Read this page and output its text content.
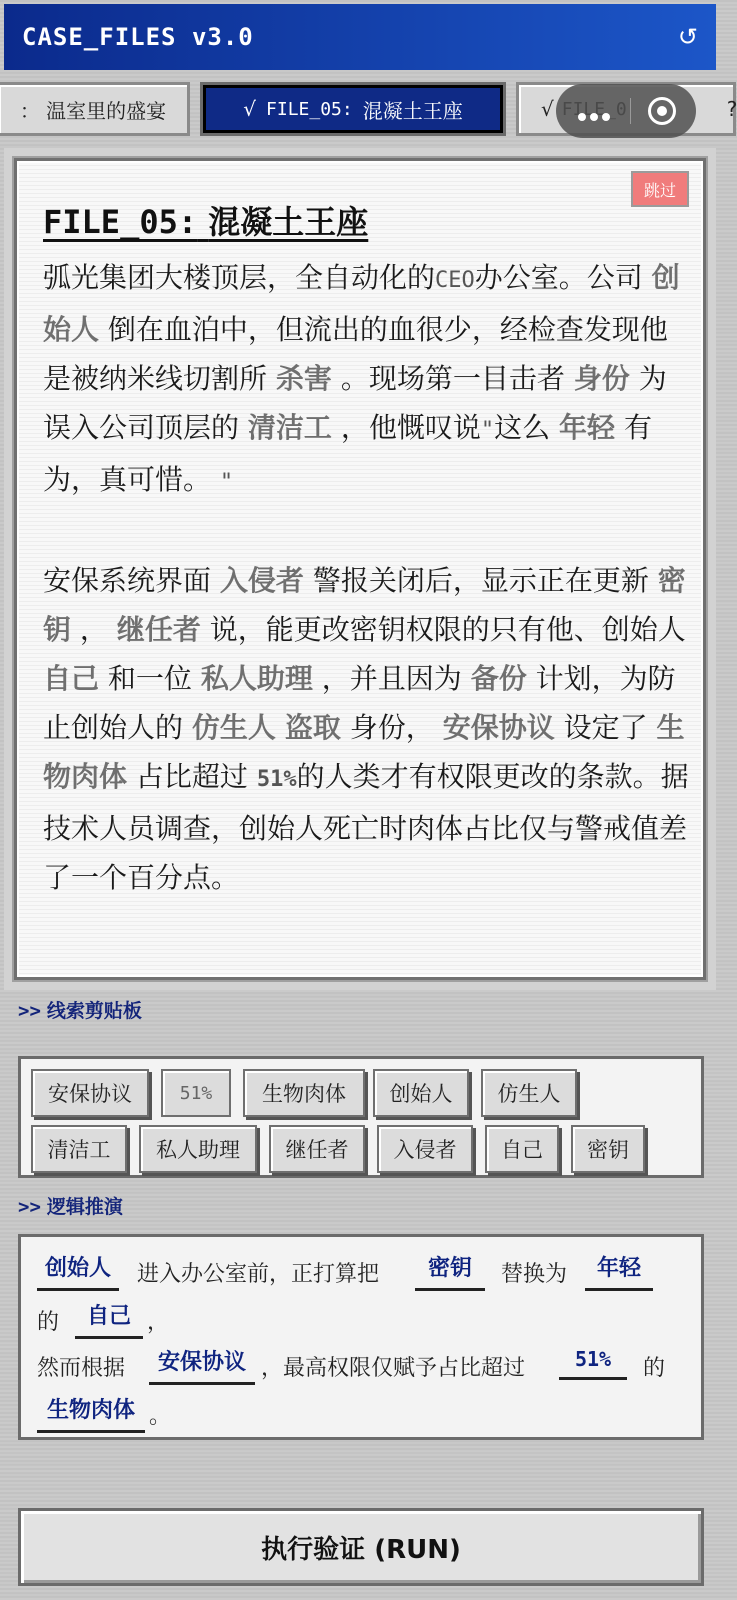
CASE_FILES v3.0	↺
： 温室里的盛宴	√ FILE_05: 混凝土王座	√	?
跳过
FILE_05: 混凝土王座

弧光集团大楼顶层，全自动化的CEO办公室。公司 创始人 倒在血泊中，但流出的血很少，经检查发现他是被纳米线切割所 杀害 。现场第一目击者 身份 为误入公司顶层的 清洁工 ，他慨叹说"这么 年轻 有为，真可惜。 "

安保系统界面 入侵者 警报关闭后，显示正在更新 密钥 ， 继任者 说，能更改密钥权限的只有他、创始人 自己 和一位 私人助理 ，并且因为 备份 计划，为防止创始人的 仿生人 盗取 身份， 安保协议 设定了 生物肉体 占比超过 51%的人类才有权限更改的条款。据技术人员调查，创始人死亡时肉体占比仅与警戒值差了一个百分点。

>> 线索剪贴板
安保协议	51%	生物肉体	创始人	仿生人
清洁工	私人助理	继任者	入侵者	自己	密钥
>> 逻辑推演
创始人	进入办公室前，正打算把	密钥	替换为	年轻
的	自己 ，
然而根据	安保协议 ，最高权限仅赋予占比超过	51%	的
生物肉体 。
执行验证 (RUN)
